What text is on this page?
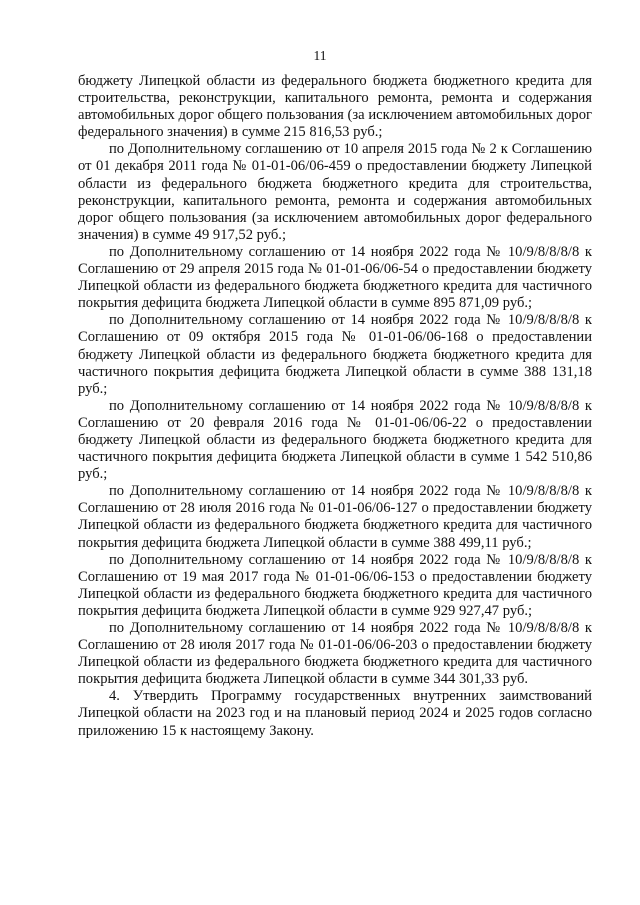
11

бюджету Липецкой области из федерального бюджета бюджетного кредита для строительства, реконструкции, капитального ремонта, ремонта и содержания автомобильных дорог общего пользования (за исключением автомобильных дорог федерального значения) в сумме 215 816,53 руб.;

по Дополнительному соглашению от 10 апреля 2015 года № 2 к Соглашению от 01 декабря 2011 года № 01-01-06/06-459 о предоставлении бюджету Липецкой области из федерального бюджета бюджетного кредита для строительства, реконструкции, капитального ремонта, ремонта и содержания автомобильных дорог общего пользования (за исключением автомобильных дорог федерального значения) в сумме 49 917,52 руб.;

по Дополнительному соглашению от 14 ноября 2022 года № 10/9/8/8/8/8 к Соглашению от 29 апреля 2015 года № 01-01-06/06-54 о предоставлении бюджету Липецкой области из федерального бюджета бюджетного кредита для частичного покрытия дефицита бюджета Липецкой области в сумме 895 871,09 руб.;

по Дополнительному соглашению от 14 ноября 2022 года № 10/9/8/8/8/8 к Соглашению от 09 октября 2015 года № 01-01-06/06-168 о предоставлении бюджету Липецкой области из федерального бюджета бюджетного кредита для частичного покрытия дефицита бюджета Липецкой области в сумме 388 131,18 руб.;

по Дополнительному соглашению от 14 ноября 2022 года № 10/9/8/8/8/8 к Соглашению от 20 февраля 2016 года № 01-01-06/06-22 о предоставлении бюджету Липецкой области из федерального бюджета бюджетного кредита для частичного покрытия дефицита бюджета Липецкой области в сумме 1 542 510,86 руб.;

по Дополнительному соглашению от 14 ноября 2022 года № 10/9/8/8/8/8 к Соглашению от 28 июля 2016 года № 01-01-06/06-127 о предоставлении бюджету Липецкой области из федерального бюджета бюджетного кредита для частичного покрытия дефицита бюджета Липецкой области в сумме 388 499,11 руб.;

по Дополнительному соглашению от 14 ноября 2022 года № 10/9/8/8/8/8 к Соглашению от 19 мая 2017 года № 01-01-06/06-153 о предоставлении бюджету Липецкой области из федерального бюджета бюджетного кредита для частичного покрытия дефицита бюджета Липецкой области в сумме 929 927,47 руб.;

по Дополнительному соглашению от 14 ноября 2022 года № 10/9/8/8/8/8 к Соглашению от 28 июля 2017 года № 01-01-06/06-203 о предоставлении бюджету Липецкой области из федерального бюджета бюджетного кредита для частичного покрытия дефицита бюджета Липецкой области в сумме 344 301,33 руб.

4. Утвердить Программу государственных внутренних заимствований Липецкой области на 2023 год и на плановый период 2024 и 2025 годов согласно приложению 15 к настоящему Закону.
